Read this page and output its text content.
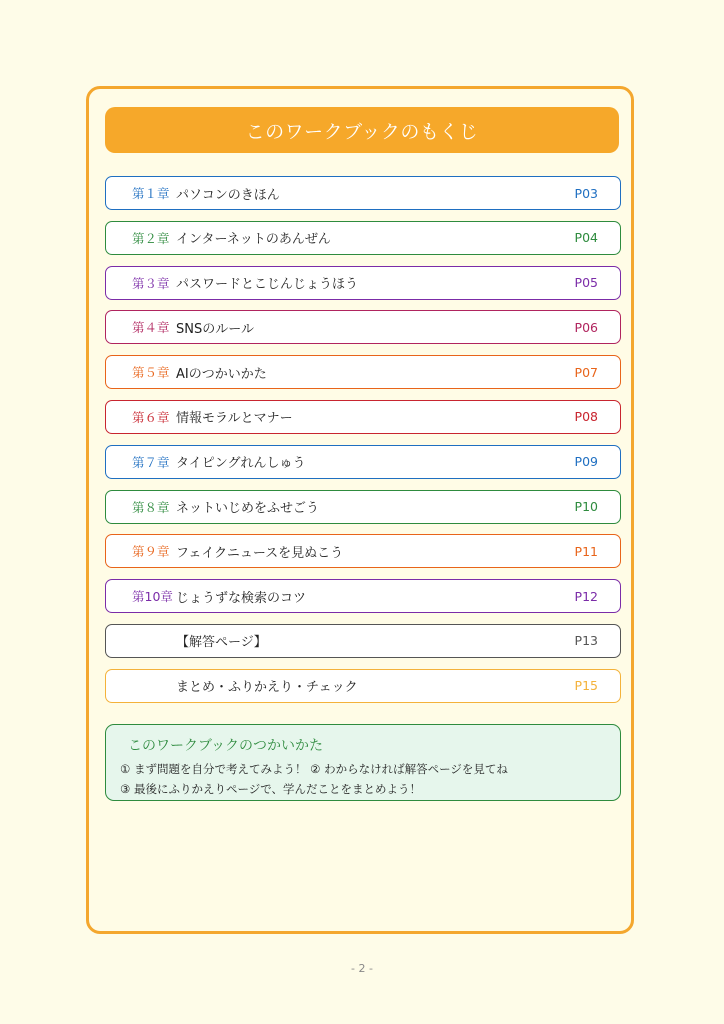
このワークブックのもくじ
第１章 パソコンのきほん	P03
第２章 インターネットのあんぜん	P04
第３章 パスワードとこじんじょうほう	P05
第４章 SNSのルール	P06
第５章 AIのつかいかた	P07
第６章 情報モラルとマナー	P08
第７章 タイピングれんしゅう	P09
第８章 ネットいじめをふせごう	P10
第９章 フェイクニュースを見ぬこう	P11
第10章 じょうずな検索のコツ	P12
【解答ページ】	P13
まとめ・ふりかえり・チェック	P15
このワークブックのつかいかた
① まず問題を自分で考えてみよう！ ② わからなければ解答ページを見てね
③ 最後にふりかえりページで、学んだことをまとめよう！
- 2 -
